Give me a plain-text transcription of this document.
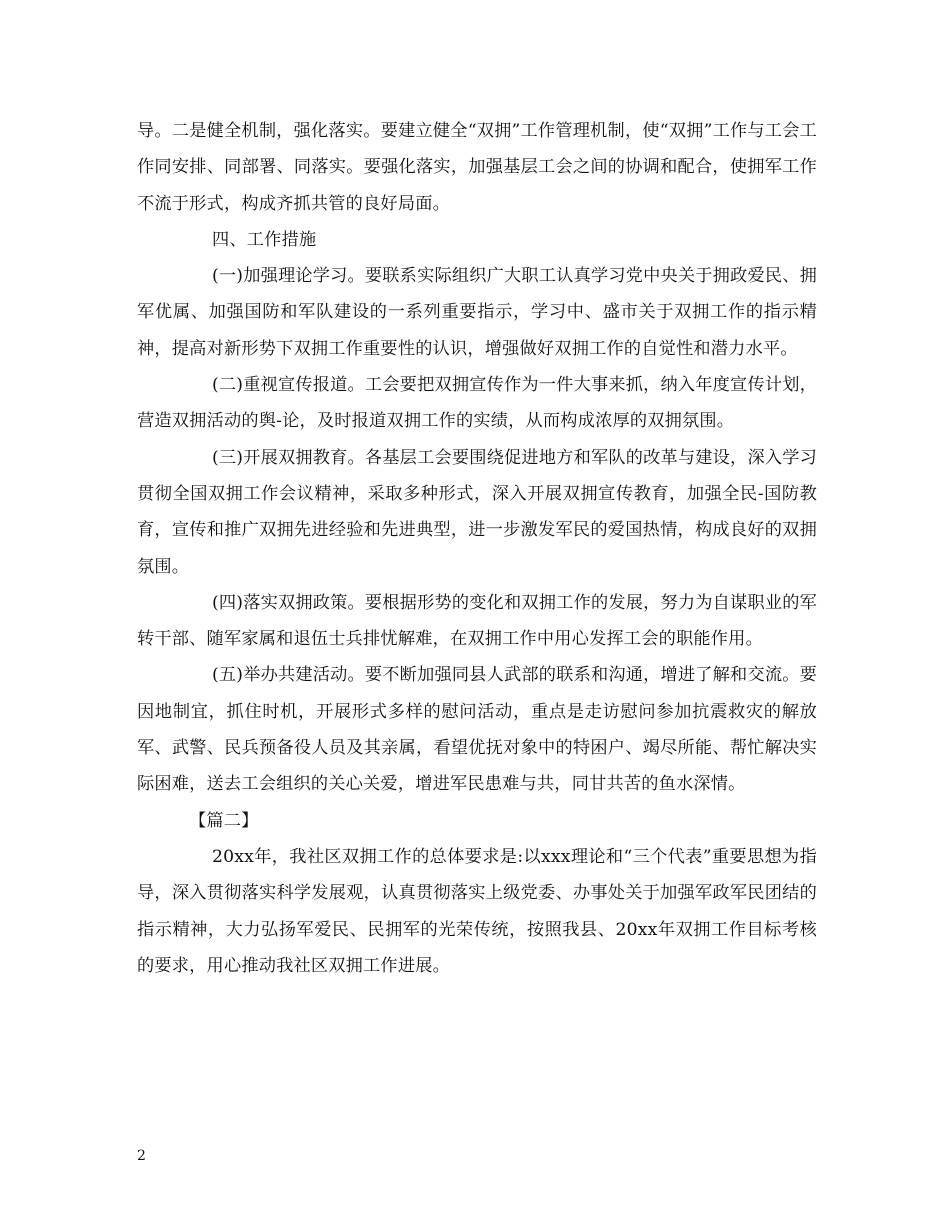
导。二是健全机制，强化落实。要建立健全“双拥”工作管理机制，使“双拥”工作与工会工作同安排、同部署、同落实。要强化落实，加强基层工会之间的协调和配合，使拥军工作不流于形式，构成齐抓共管的良好局面。

四、工作措施

(一)加强理论学习。要联系实际组织广大职工认真学习党中央关于拥政爱民、拥军优属、加强国防和军队建设的一系列重要指示，学习中、盛市关于双拥工作的指示精神，提高对新形势下双拥工作重要性的认识，增强做好双拥工作的自觉性和潜力水平。

(二)重视宣传报道。工会要把双拥宣传作为一件大事来抓，纳入年度宣传计划，营造双拥活动的舆-论，及时报道双拥工作的实绩，从而构成浓厚的双拥氛围。

(三)开展双拥教育。各基层工会要围绕促进地方和军队的改革与建设，深入学习贯彻全国双拥工作会议精神，采取多种形式，深入开展双拥宣传教育，加强全民-国防教育，宣传和推广双拥先进经验和先进典型，进一步激发军民的爱国热情，构成良好的双拥氛围。

(四)落实双拥政策。要根据形势的变化和双拥工作的发展，努力为自谋职业的军转干部、随军家属和退伍士兵排忧解难，在双拥工作中用心发挥工会的职能作用。

(五)举办共建活动。要不断加强同县人武部的联系和沟通，增进了解和交流。要因地制宜，抓住时机，开展形式多样的慰问活动，重点是走访慰问参加抗震救灾的解放军、武警、民兵预备役人员及其亲属，看望优抚对象中的特困户、竭尽所能、帮忙解决实际困难，送去工会组织的关心关爱，增进军民患难与共，同甘共苦的鱼水深情。

【篇二】

20xx年，我社区双拥工作的总体要求是:以xxx理论和“三个代表”重要思想为指导，深入贯彻落实科学发展观，认真贯彻落实上级党委、办事处关于加强军政军民团结的指示精神，大力弘扬军爱民、民拥军的光荣传统，按照我县、20xx年双拥工作目标考核的要求，用心推动我社区双拥工作进展。

2
